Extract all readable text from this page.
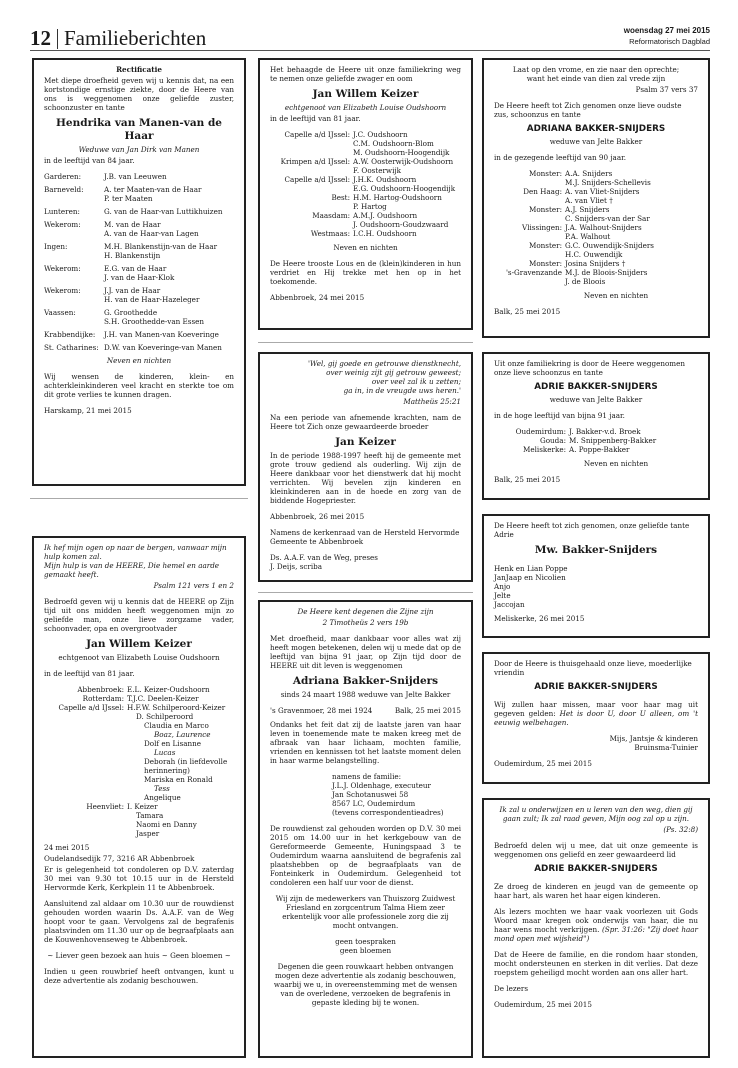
12 Familieberichten	woensdag 27 mei 2015
Reformatorisch Dagblad

Rectificatie

Met diepe droefheid geven wij u kennis dat, na een kortstondige ernstige ziekte, door de Heere van ons is weggenomen onze geliefde zuster, schoonzuster en tante

Hendrika van Manen-van de Haar

Weduwe van Jan Dirk van Manen

in de leeftijd van 84 jaar.

Garderen:	J.B. van Leeuwen
Barneveld:	A. ter Maaten-van de Haar
P. ter Maaten
Lunteren:	G. van de Haar-van Luttikhuizen
Wekerom:	M. van de Haar
A. van de Haar-van Lagen
Ingen:	M.H. Blankenstijn-van de Haar
H. Blankenstijn
Wekerom:	E.G. van de Haar
J. van de Haar-Klok
Wekerom:	J.J. van de Haar
H. van de Haar-Hazeleger
Vaassen:	G. Groothedde
S.H. Groothedde-van Essen
Krabbendijke:	J.H. van Manen-van Koeveringe
St. Catharines: D.W. van Koeveringe-van Manen

Neven en nichten

Wij wensen de kinderen, klein- en achterkleinkinderen veel kracht en sterkte toe om dit grote verlies te kunnen dragen.

Harskamp, 21 mei 2015

Ik hef mijn ogen op naar de bergen, vanwaar mijn hulp komen zal.
Mijn hulp is van de HEERE, Die hemel en aarde gemaakt heeft.

Psalm 121 vers 1 en 2

Bedroefd geven wij u kennis dat de HEERE op Zijn tijd uit ons midden heeft weggenomen mijn zo geliefde man, onze lieve zorgzame vader, schoonvader, opa en overgrootvader

Jan Willem Keizer

echtgenoot van Elizabeth Louise Oudshoorn

in de leeftijd van 81 jaar.

Abbenbroek: E.L. Keizer-Oudshoorn
Rotterdam: T.J.C. Deelen-Keizer
Capelle a/d IJssel: H.F.W. Schilperoord-Keizer
D. Schilperoord
Claudia en Marco
Boaz, Laurence
Dolf en Lisanne
Lucas
Deborah (in liefdevolle herinnering)
Mariska en Ronald
Tess
Angelique
Heenvliet: I. Keizer
Tamara
Naomi en Danny
Jasper

24 mei 2015

Oudelandsedijk 77, 3216 AR Abbenbroek

Er is gelegenheid tot condoleren op D.V. zaterdag 30 mei van 9.30 tot 10.15 uur in de Hersteld Hervormde Kerk, Kerkplein 11 te Abbenbroek.

Aansluitend zal aldaar om 10.30 uur de rouwdienst gehouden worden waarin Ds. A.A.F. van de Weg hoopt voor te gaan. Vervolgens zal de begrafenis plaatsvinden om 11.30 uur op de begraafplaats aan de Kouwenhovenseweg te Abbenbroek.

~ Liever geen bezoek aan huis ~ Geen bloemen ~

Indien u geen rouwbrief heeft ontvangen, kunt u deze advertentie als zodanig beschouwen.

Het behaagde de Heere uit onze familiekring weg te nemen onze geliefde zwager en oom

Jan Willem Keizer

echtgenoot van Elizabeth Louise Oudshoorn

in de leeftijd van 81 jaar.

Capelle a/d IJssel: J.C. Oudshoorn
C.M. Oudshoorn-Blom
M. Oudshoorn-Hoogendijk
Krimpen a/d IJssel: A.W. Oosterwijk-Oudshoorn
F. Oosterwijk
Capelle a/d IJssel: J.H.K. Oudshoorn
E.G. Oudshoorn-Hoogendijk
Best: H.M. Hartog-Oudshoorn
P. Hartog
Maasdam: A.M.J. Oudshoorn
J. Oudshoorn-Goudzwaard
Westmaas: I.C.H. Oudshoorn

Neven en nichten

De Heere trooste Lous en de (klein)kinderen in hun verdriet en Hij trekke met hen op in het toekomende.

Abbenbroek, 24 mei 2015

'Wel, gij goede en getrouwe dienstknecht,
over weinig zijt gij getrouw geweest;
over veel zal ik u zetten;
ga in, in de vreugde uws heren.'

Mattheüs 25:21

Na een periode van afnemende krachten, nam de Heere tot Zich onze gewaardeerde broeder

Jan Keizer

In de periode 1988-1997 heeft hij de gemeente met grote trouw gediend als ouderling. Wij zijn de Heere dankbaar voor het dienstwerk dat hij mocht verrichten. Wij bevelen zijn kinderen en kleinkinderen aan in de hoede en zorg van de biddende Hogepriester.

Abbenbroek, 26 mei 2015

Namens de kerkenraad van de Hersteld Hervormde Gemeente te Abbenbroek

Ds. A.A.F. van de Weg, preses
J. Deijs, scriba

De Heere kent degenen die Zijne zijn

2 Timotheüs 2 vers 19b

Met droefheid, maar dankbaar voor alles wat zij heeft mogen betekenen, delen wij u mede dat op de leeftijd van bijna 91 jaar, op Zijn tijd door de HEERE uit dit leven is weggenomen

Adriana Bakker-Snijders

sinds 24 maart 1988 weduwe van Jelte Bakker

's Gravenmoer, 28 mei 1924	Balk, 25 mei 2015

Ondanks het feit dat zij de laatste jaren van haar leven in toenemende mate te maken kreeg met de afbraak van haar lichaam, mochten familie, vrienden en kennissen tot het laatste moment delen in haar warme belangstelling.

namens de familie:
J.L.J. Oldenhage, executeur
Jan Schotanuswei 58
8567 LC, Oudemirdum
(tevens correspondentieadres)

De rouwdienst zal gehouden worden op D.V. 30 mei 2015 om 14.00 uur in het kerkgebouw van de Gereformeerde Gemeente, Huningspaad 3 te Oudemirdum waarna aansluitend de begrafenis zal plaatshebben op de begraafplaats van de Fonteinkerk in Oudemirdum. Gelegenheid tot condoleren een half uur voor de dienst.

Wij zijn de medewerkers van Thuiszorg Zuidwest Friesland en zorgcentrum Talma Hiem zeer erkentelijk voor alle professionele zorg die zij mocht ontvangen.

geen toespraken
geen bloemen

Degenen die geen rouwkaart hebben ontvangen mogen deze advertentie als zodanig beschouwen, waarbij we u, in overeenstemming met de wensen van de overledene, verzoeken de begrafenis in gepaste kleding bij te wonen.

Laat op den vrome, en zie naar den oprechte;
want het einde van dien zal vrede zijn

Psalm 37 vers 37

De Heere heeft tot Zich genomen onze lieve oudste zus, schoonzus en tante

ADRIANA BAKKER-SNIJDERS

weduwe van Jelte Bakker

in de gezegende leeftijd van 90 jaar.

Monster: A.A. Snijders
M.J. Snijders-Schellevis
Den Haag: A. van Vliet-Snijders
A. van Vliet †
Monster: A.J. Snijders
C. Snijders-van der Sar
Vlissingen: J.A. Walhout-Snijders
P.A. Walhout
Monster: G.C. Ouwendijk-Snijders
H.C. Ouwendijk
Monster: Josina Snijders †
's-Gravenzande M.J. de Bloois-Snijders
J. de Bloois

Neven en nichten

Balk, 25 mei 2015

Uit onze familiekring is door de Heere weggenomen onze lieve schoonzus en tante

ADRIE BAKKER-SNIJDERS

weduwe van Jelte Bakker

in de hoge leeftijd van bijna 91 jaar.

Oudemirdum: J. Bakker-v.d. Broek
Gouda: M. Snippenberg-Bakker
Meliskerke: A. Poppe-Bakker

Neven en nichten

Balk, 25 mei 2015

De Heere heeft tot zich genomen, onze geliefde tante Adrie

Mw. Bakker-Snijders

Henk en Lian Poppe
JanJaap en Nicolien
Anjo
Jelte
Jaccojan

Meliskerke, 26 mei 2015

Door de Heere is thuisgehaald onze lieve, moederlijke vriendin

ADRIE BAKKER-SNIJDERS

Wij zullen haar missen, maar voor haar mag uit gegeven gelden: Het is door U, door U alleen, om 't eeuwig welbehagen.

Mijs, Jantsje & kinderen
Bruinsma-Tuinier

Oudemirdum, 25 mei 2015

Ik zal u onderwijzen en u leren van den weg, dien gij gaan zult; Ik zal raad geven, Mijn oog zal op u zijn.

(Ps. 32:8)

Bedroefd delen wij u mee, dat uit onze gemeente is weggenomen ons geliefd en zeer gewaardeerd lid

ADRIE BAKKER-SNIJDERS

Ze droeg de kinderen en jeugd van de gemeente op haar hart, als waren het haar eigen kinderen.

Als lezers mochten we haar vaak voorlezen uit Gods Woord maar kregen ook onderwijs van haar, die nu haar wens mocht verkrijgen. (Spr. 31:26: "Zij doet haar mond open met wijsheid")

Dat de Heere de familie, en die rondom haar stonden, mocht ondersteunen en sterken in dit verlies. Dat deze roepstem geheiligd mocht worden aan ons aller hart.

De lezers

Oudemirdum, 25 mei 2015
